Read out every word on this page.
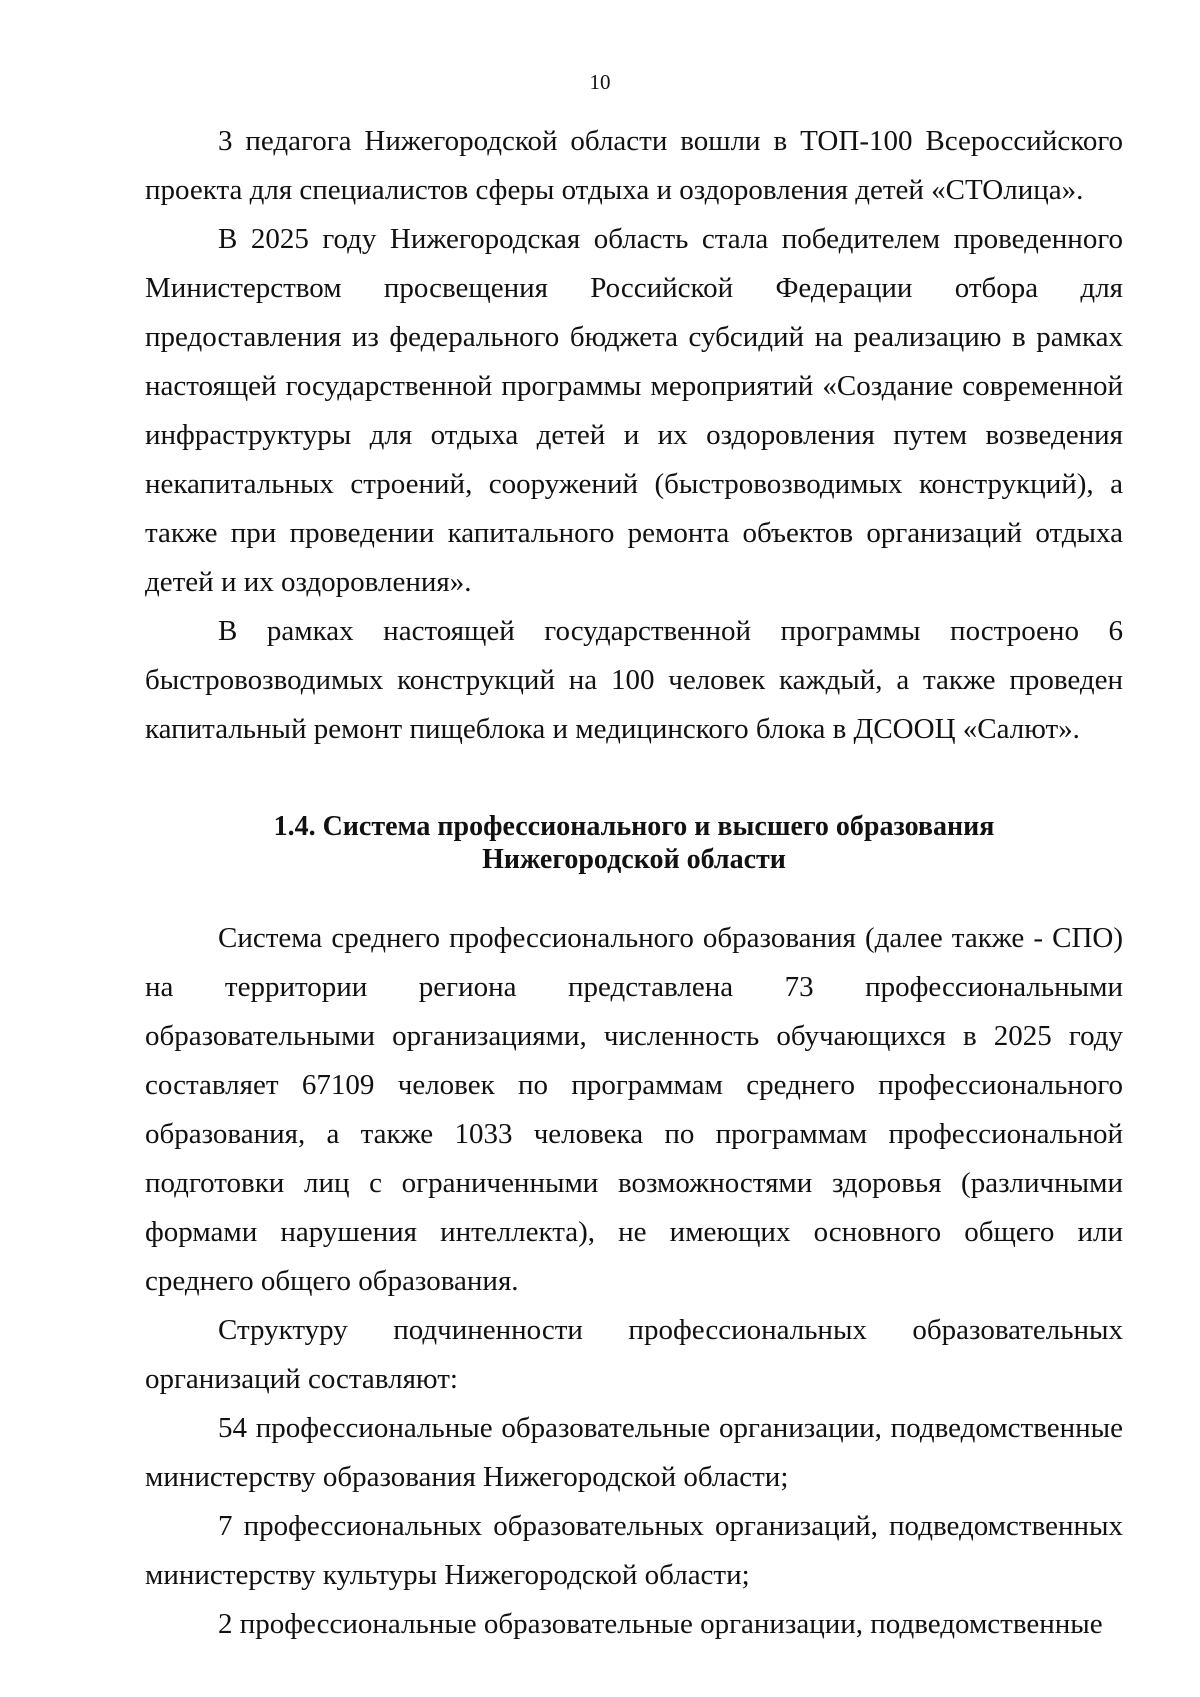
10

3 педагога Нижегородской области вошли в ТОП-100 Всероссийского проекта для специалистов сферы отдыха и оздоровления детей «СТОлица».

В 2025 году Нижегородская область стала победителем проведенного Министерством просвещения Российской Федерации отбора для предоставления из федерального бюджета субсидий на реализацию в рамках настоящей государственной программы мероприятий «Создание современной инфраструктуры для отдыха детей и их оздоровления путем возведения некапитальных строений, сооружений (быстровозводимых конструкций), а также при проведении капитального ремонта объектов организаций отдыха детей и их оздоровления».

В рамках настоящей государственной программы построено 6 быстровозводимых конструкций на 100 человек каждый, а также проведен капитальный ремонт пищеблока и медицинского блока в ДСООЦ «Салют».

1.4. Система профессионального и высшего образования
Нижегородской области

Система среднего профессионального образования (далее также - СПО) на территории региона представлена 73 профессиональными образовательными организациями, численность обучающихся в 2025 году составляет 67109 человек по программам среднего профессионального образования, а также 1033 человека по программам профессиональной подготовки лиц с ограниченными возможностями здоровья (различными формами нарушения интеллекта), не имеющих основного общего или среднего общего образования.

Структуру подчиненности профессиональных образовательных организаций составляют:

54 профессиональные образовательные организации, подведомственные министерству образования Нижегородской области;

7 профессиональных образовательных организаций, подведомственных министерству культуры Нижегородской области;

2 профессиональные образовательные организации, подведомственные
